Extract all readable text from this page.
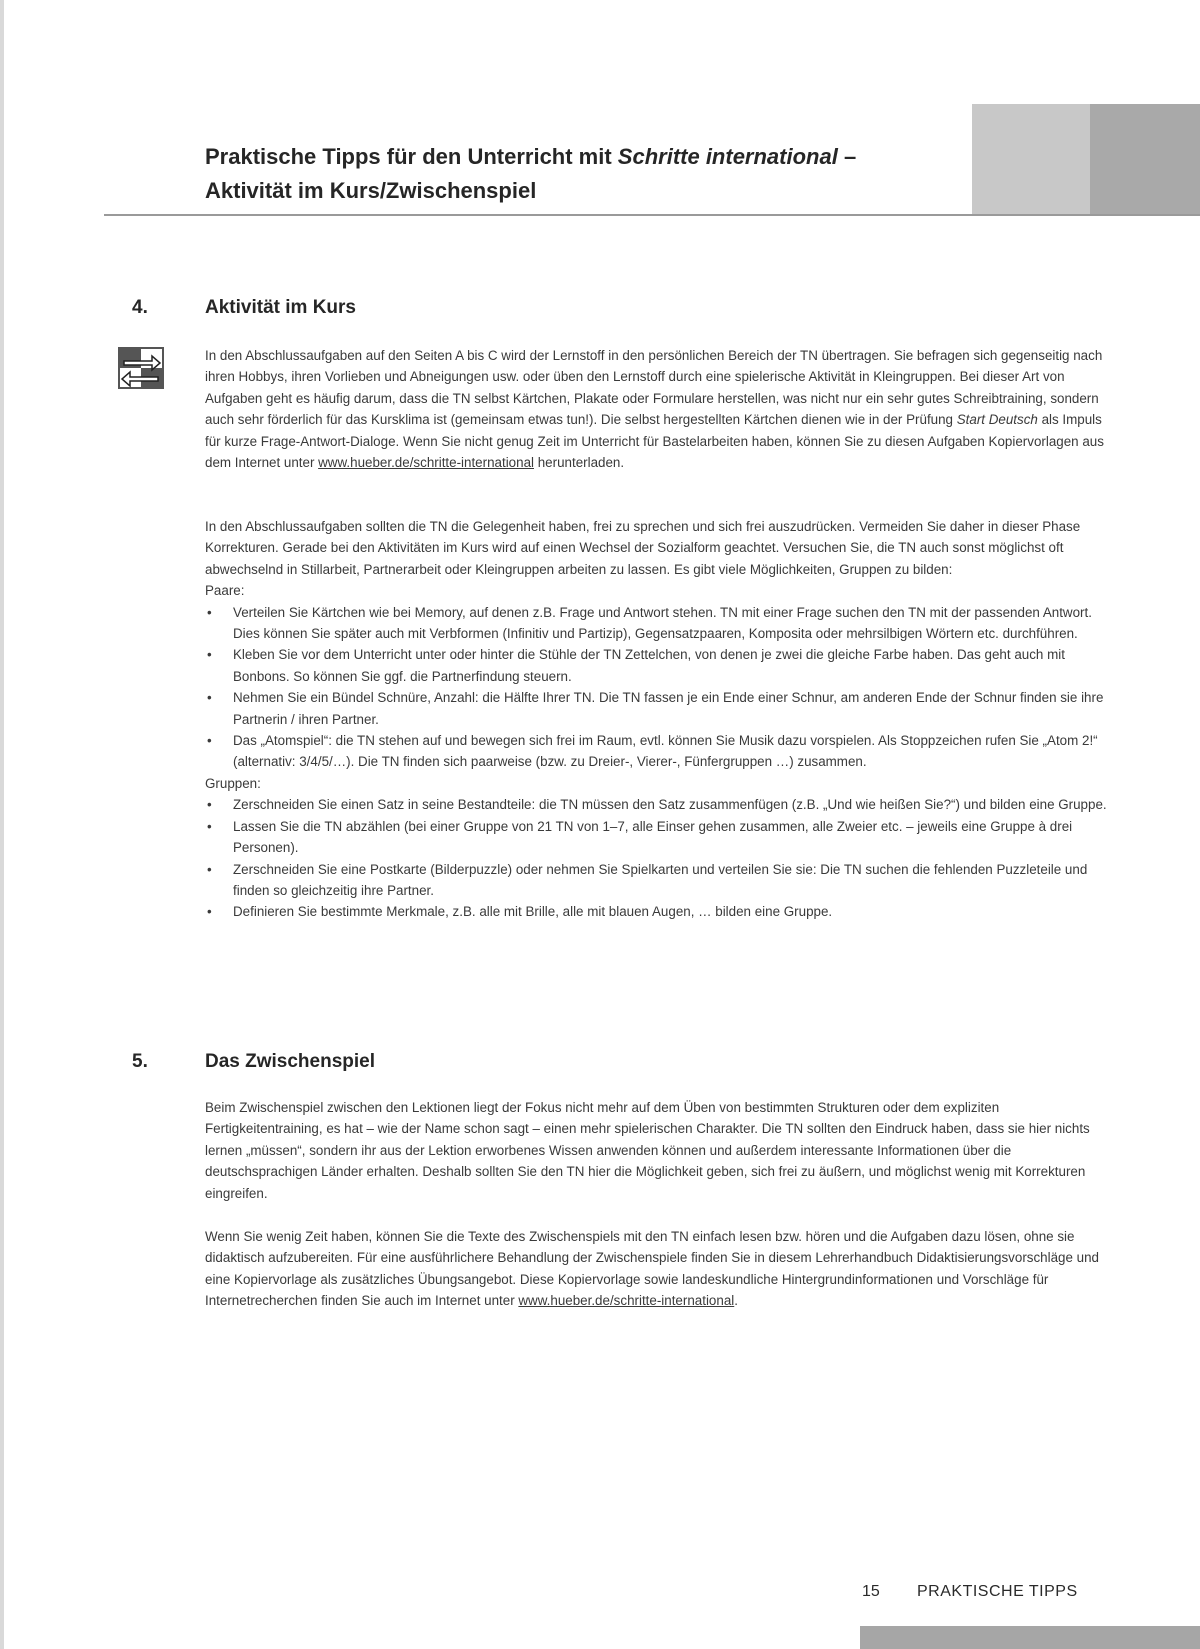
Praktische Tipps für den Unterricht mit Schritte international –
Aktivität im Kurs/Zwischenspiel
4.	Aktivität im Kurs

In den Abschlussaufgaben auf den Seiten A bis C wird der Lernstoff in den persönlichen Bereich der TN übertragen. Sie befragen sich gegenseitig nach ihren Hobbys, ihren Vorlieben und Abneigungen usw. oder üben den Lernstoff durch eine spielerische Aktivität in Kleingruppen. Bei dieser Art von Aufgaben geht es häufig darum, dass die TN selbst Kärtchen, Plakate oder Formulare herstellen, was nicht nur ein sehr gutes Schreibtraining, sondern auch sehr förderlich für das Kursklima ist (gemeinsam etwas tun!). Die selbst hergestellten Kärtchen dienen wie in der Prüfung Start Deutsch als Impuls für kurze Frage-Antwort-Dialoge. Wenn Sie nicht genug Zeit im Unterricht für Bastelarbeiten haben, können Sie zu diesen Aufgaben Kopiervorlagen aus dem Internet unter www.hueber.de/schritte-international herunterladen.

In den Abschlussaufgaben sollten die TN die Gelegenheit haben, frei zu sprechen und sich frei auszudrücken. Vermeiden Sie daher in dieser Phase Korrekturen. Gerade bei den Aktivitäten im Kurs wird auf einen Wechsel der Sozialform geachtet. Versuchen Sie, die TN auch sonst möglichst oft abwechselnd in Stillarbeit, Partnerarbeit oder Kleingruppen arbeiten zu lassen. Es gibt viele Möglichkeiten, Gruppen zu bilden:

Paare:

• Verteilen Sie Kärtchen wie bei Memory, auf denen z.B. Frage und Antwort stehen. TN mit einer Frage suchen den TN mit der passenden Antwort. Dies können Sie später auch mit Verbformen (Infinitiv und Partizip), Gegensatzpaaren, Komposita oder mehrsilbigen Wörtern etc. durchführen.
• Kleben Sie vor dem Unterricht unter oder hinter die Stühle der TN Zettelchen, von denen je zwei die gleiche Farbe haben. Das geht auch mit Bonbons. So können Sie ggf. die Partnerfindung steuern.
• Nehmen Sie ein Bündel Schnüre, Anzahl: die Hälfte Ihrer TN. Die TN fassen je ein Ende einer Schnur, am anderen Ende der Schnur finden sie ihre Partnerin / ihren Partner.
• Das „Atomspiel“: die TN stehen auf und bewegen sich frei im Raum, evtl. können Sie Musik dazu vorspielen. Als Stoppzeichen rufen Sie „Atom 2!“ (alternativ: 3/4/5/…). Die TN finden sich paarweise (bzw. zu Dreier-, Vierer-, Fünfergruppen …) zusammen.

Gruppen:

• Zerschneiden Sie einen Satz in seine Bestandteile: die TN müssen den Satz zusammenfügen (z.B. „Und wie heißen Sie?“) und bilden eine Gruppe.
• Lassen Sie die TN abzählen (bei einer Gruppe von 21 TN von 1–7, alle Einser gehen zusammen, alle Zweier etc. – jeweils eine Gruppe à drei Personen).
• Zerschneiden Sie eine Postkarte (Bilderpuzzle) oder nehmen Sie Spielkarten und verteilen Sie sie: Die TN suchen die fehlenden Puzzleteile und finden so gleichzeitig ihre Partner.
• Definieren Sie bestimmte Merkmale, z.B. alle mit Brille, alle mit blauen Augen, … bilden eine Gruppe.
5.	Das Zwischenspiel

Beim Zwischenspiel zwischen den Lektionen liegt der Fokus nicht mehr auf dem Üben von bestimmten Strukturen oder dem expliziten Fertigkeitentraining, es hat – wie der Name schon sagt – einen mehr spielerischen Charakter. Die TN sollten den Eindruck haben, dass sie hier nichts lernen „müssen“, sondern ihr aus der Lektion erworbenes Wissen anwenden können und außerdem interessante Informationen über die deutschsprachigen Länder erhalten. Deshalb sollten Sie den TN hier die Möglichkeit geben, sich frei zu äußern, und möglichst wenig mit Korrekturen eingreifen.

Wenn Sie wenig Zeit haben, können Sie die Texte des Zwischenspiels mit den TN einfach lesen bzw. hören und die Aufgaben dazu lösen, ohne sie didaktisch aufzubereiten. Für eine ausführlichere Behandlung der Zwischenspiele finden Sie in diesem Lehrerhandbuch Didaktisierungsvorschläge und eine Kopiervorlage als zusätzliches Übungsangebot. Diese Kopiervorlage sowie landeskundliche Hintergrundinformationen und Vorschläge für Internetrecherchen finden Sie auch im Internet unter www.hueber.de/schritte-international.

15 PRAKTISCHE TIPPS
